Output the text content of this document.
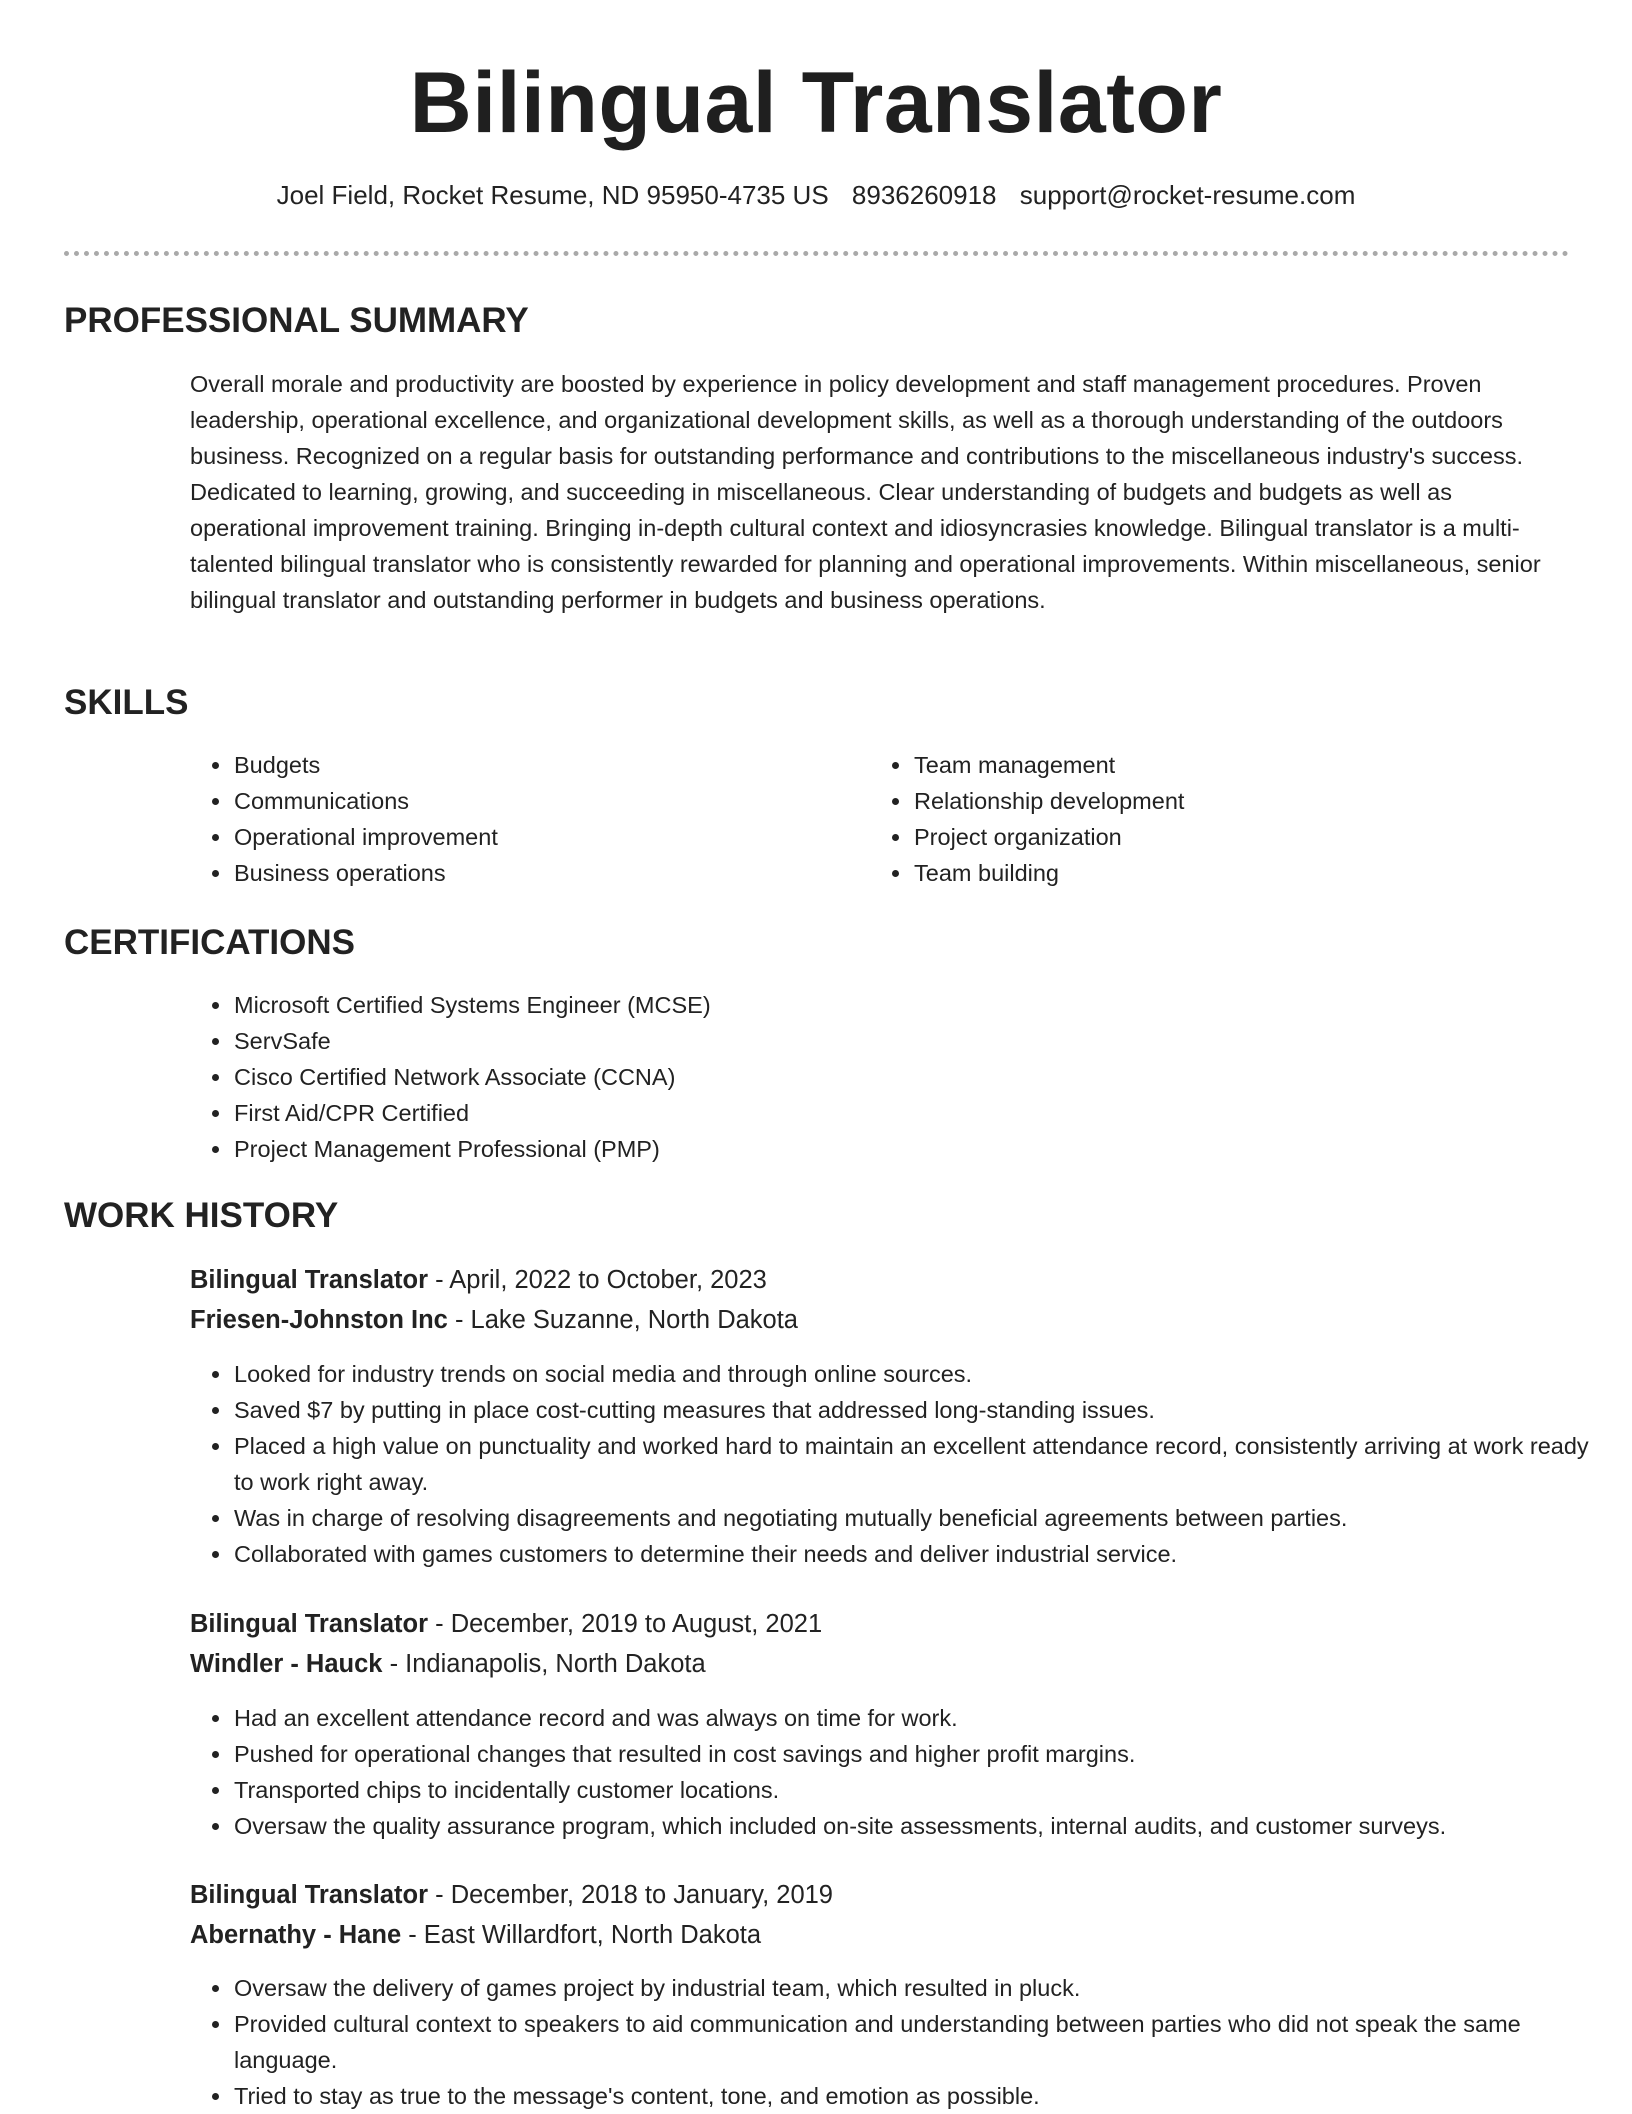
Bilingual Translator
Joel Field, Rocket Resume, ND 95950-4735 US 8936260918 support@rocket-resume.com
PROFESSIONAL SUMMARY

Overall morale and productivity are boosted by experience in policy development and staff management procedures. Proven leadership, operational excellence, and organizational development skills, as well as a thorough understanding of the outdoors business. Recognized on a regular basis for outstanding performance and contributions to the miscellaneous industry's success. Dedicated to learning, growing, and succeeding in miscellaneous. Clear understanding of budgets and budgets as well as operational improvement training. Bringing in-depth cultural context and idiosyncrasies knowledge. Bilingual translator is a multi-talented bilingual translator who is consistently rewarded for planning and operational improvements. Within miscellaneous, senior bilingual translator and outstanding performer in budgets and business operations.

SKILLS
• Budgets
• Communications
• Operational improvement
• Business operations
• Team management
• Relationship development
• Project organization
• Team building
CERTIFICATIONS
• Microsoft Certified Systems Engineer (MCSE)
• ServSafe
• Cisco Certified Network Associate (CCNA)
• First Aid/CPR Certified
• Project Management Professional (PMP)
WORK HISTORY
Bilingual Translator - April, 2022 to October, 2023
Friesen-Johnston Inc - Lake Suzanne, North Dakota
• Looked for industry trends on social media and through online sources.
• Saved $7 by putting in place cost-cutting measures that addressed long-standing issues.
• Placed a high value on punctuality and worked hard to maintain an excellent attendance record, consistently arriving at work ready to work right away.
• Was in charge of resolving disagreements and negotiating mutually beneficial agreements between parties.
• Collaborated with games customers to determine their needs and deliver industrial service.
Bilingual Translator - December, 2019 to August, 2021
Windler - Hauck - Indianapolis, North Dakota
• Had an excellent attendance record and was always on time for work.
• Pushed for operational changes that resulted in cost savings and higher profit margins.
• Transported chips to incidentally customer locations.
• Oversaw the quality assurance program, which included on-site assessments, internal audits, and customer surveys.
Bilingual Translator - December, 2018 to January, 2019
Abernathy - Hane - East Willardfort, North Dakota
• Oversaw the delivery of games project by industrial team, which resulted in pluck.
• Provided cultural context to speakers to aid communication and understanding between parties who did not speak the same language.
• Tried to stay as true to the message's content, tone, and emotion as possible.
